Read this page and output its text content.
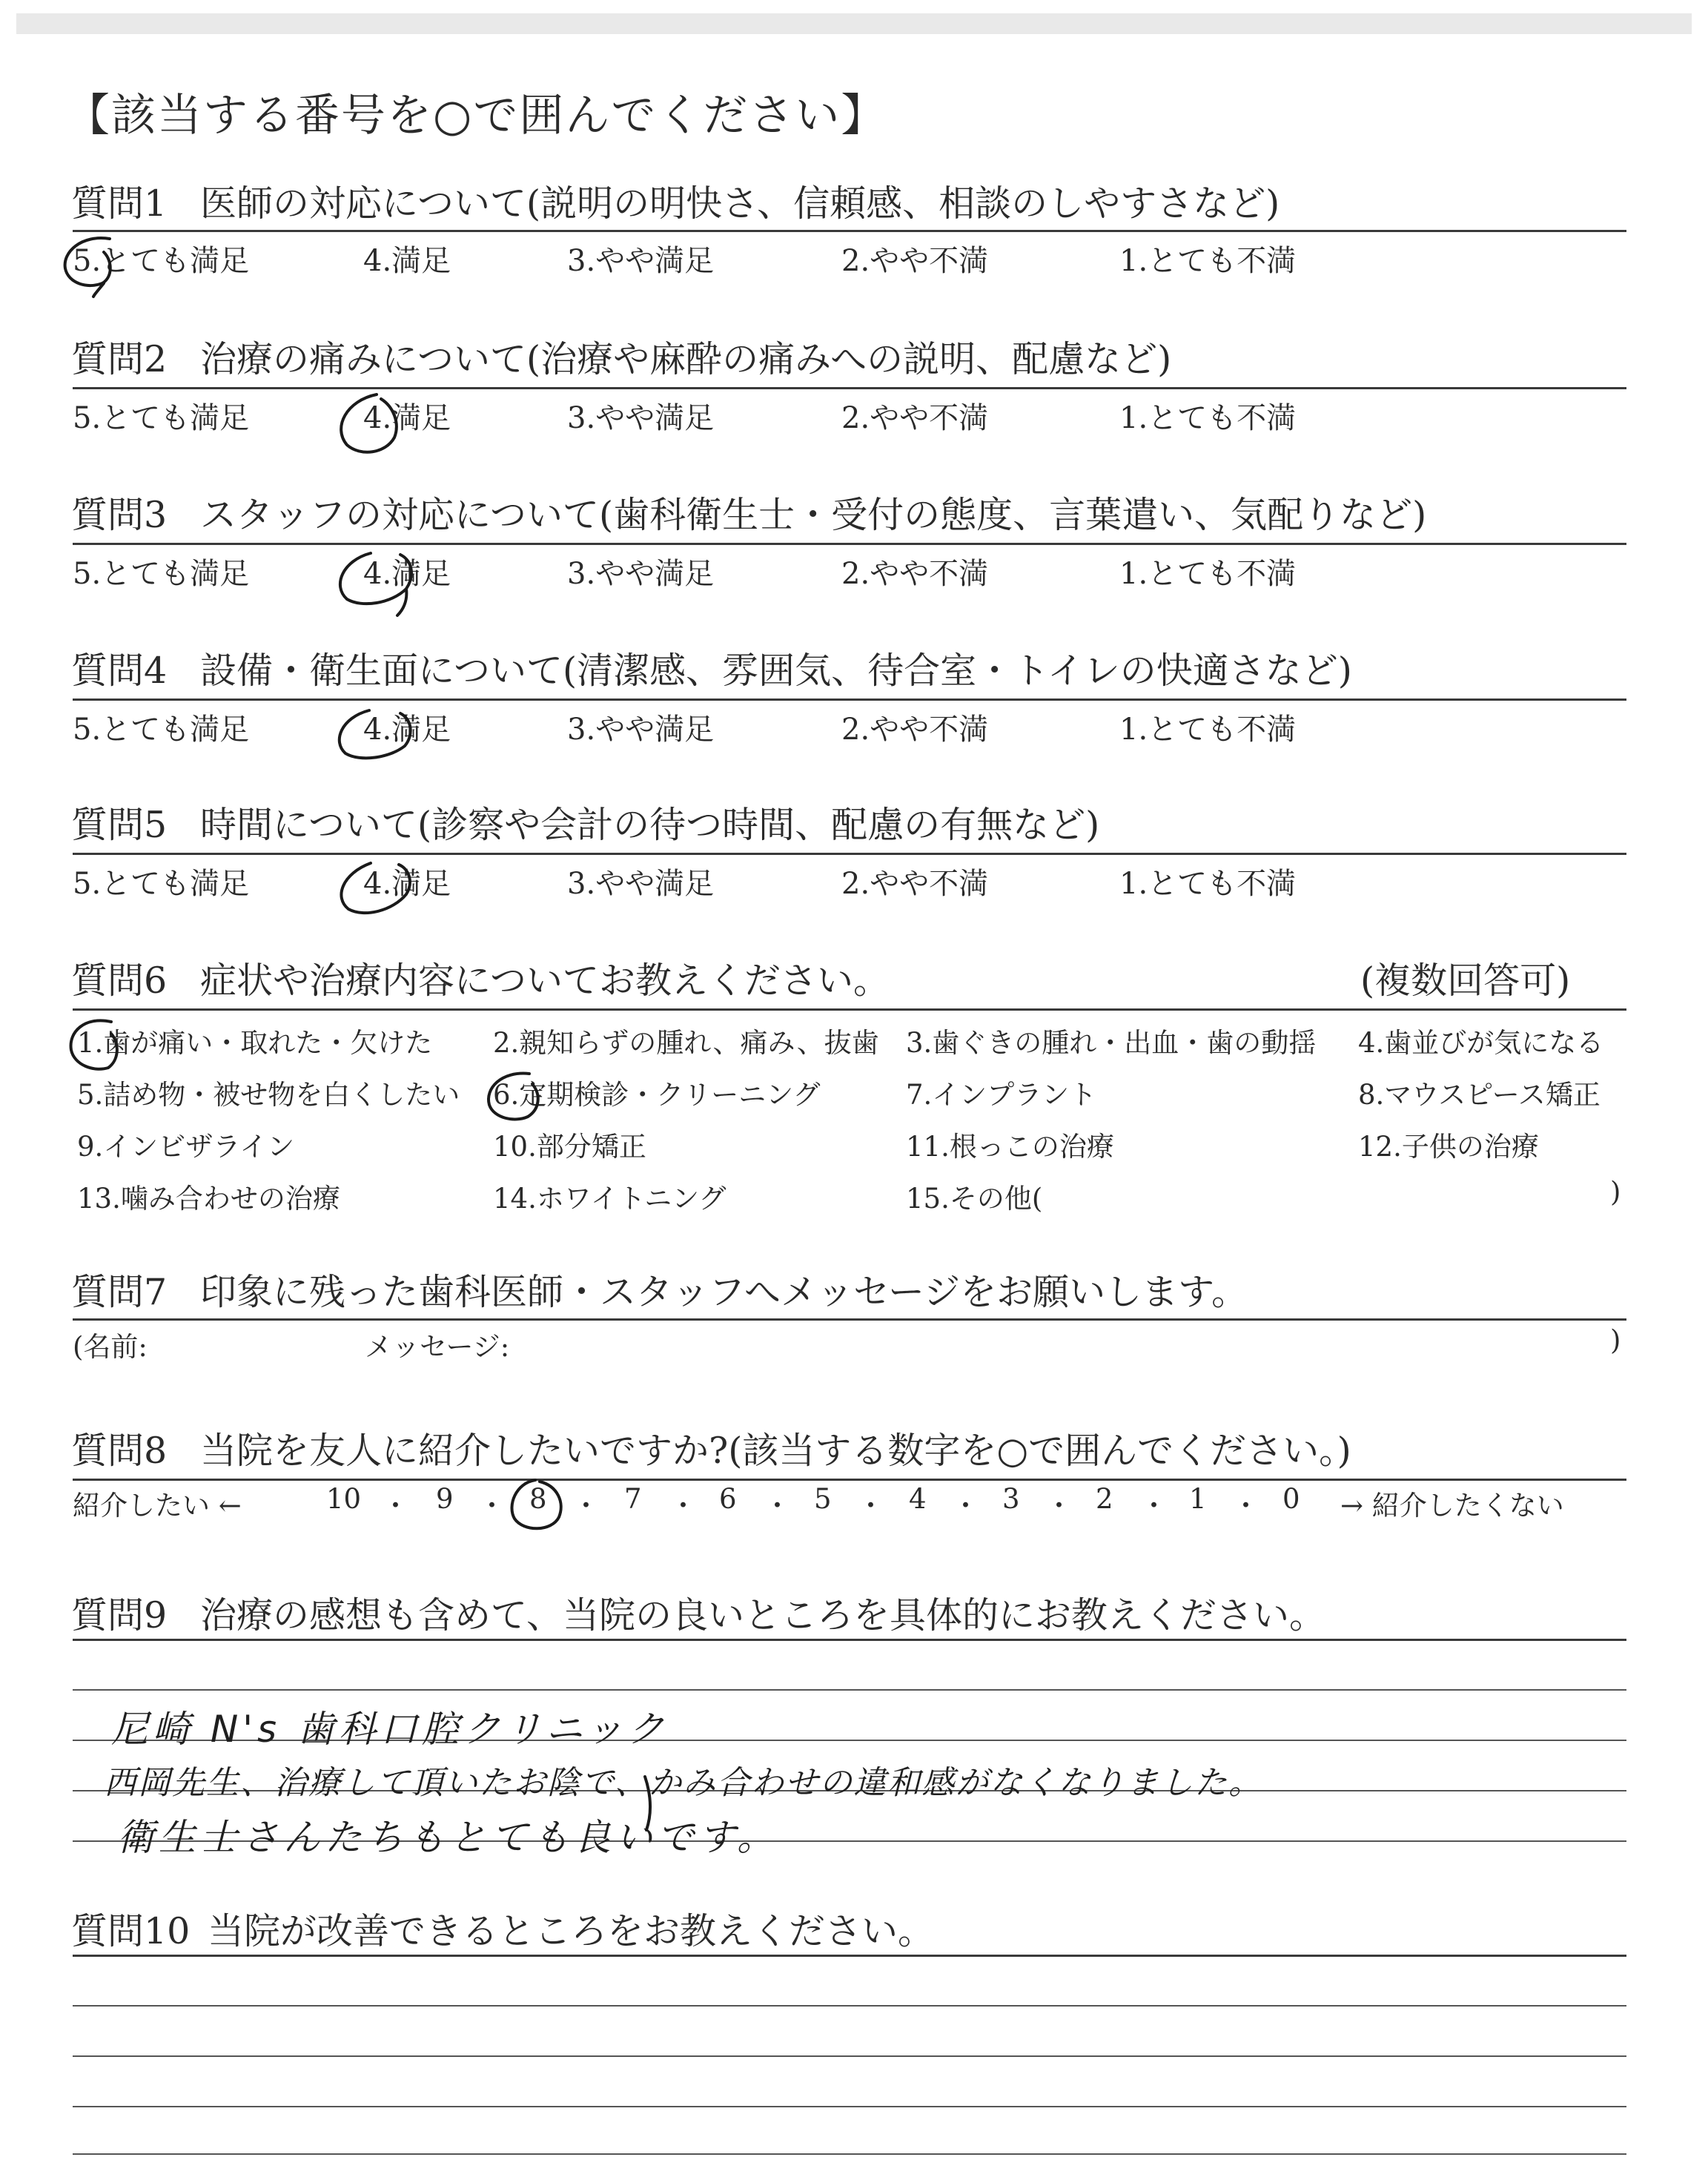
【該当する番号を○で囲んでください】
質問1 医師の対応について(説明の明快さ、信頼感、相談のしやすさなど)
5.とても満足	4.満足	3.やや満足	2.やや不満	1.とても不満
質問2 治療の痛みについて(治療や麻酔の痛みへの説明、配慮など)
5.とても満足	4.満足	3.やや満足	2.やや不満	1.とても不満
質問3 スタッフの対応について(歯科衛生士・受付の態度、言葉遣い、気配りなど)
5.とても満足	4.満足	3.やや満足	2.やや不満	1.とても不満
質問4 設備・衛生面について(清潔感、雰囲気、待合室・トイレの快適さなど)
5.とても満足	4.満足	3.やや満足	2.やや不満	1.とても不満
質問5 時間について(診察や会計の待つ時間、配慮の有無など)
5.とても満足	4.満足	3.やや満足	2.やや不満	1.とても不満
質問6 症状や治療内容についてお教えください。	(複数回答可)
1.歯が痛い・取れた・欠けた 2.親知らずの腫れ、痛み、抜歯 3.歯ぐきの腫れ・出血・歯の動揺 4.歯並びが気になる
5.詰め物・被せ物を白くしたい 6.定期検診・クリーニング	7.インプラント	8.マウスピース矯正
9.インビザライン	10.部分矯正	11.根っこの治療	12.子供の治療
13.噛み合わせの治療	14.ホワイトニング	15.その他(	)
質問7 印象に残った歯科医師・スタッフへメッセージをお願いします。
(名前:	メッセージ:	)
質問8 当院を友人に紹介したいですか?(該当する数字を○で囲んでください。)
紹介したい ←	→ 紹介したくない
10 ・ 9 ・ 8 ・ 7 ・ 6 ・ 5 ・ 4 ・ 3 ・ 2 ・ 1 ・ 0
質問9 治療の感想も含めて、当院の良いところを具体的にお教えください。
尼崎 N's 歯科口腔クリニック
西岡先生、治療して頂いたお陰で、かみ合わせの違和感がなくなりました。
衛生士さんたちもとても良いです。
質問10 当院が改善できるところをお教えください。
